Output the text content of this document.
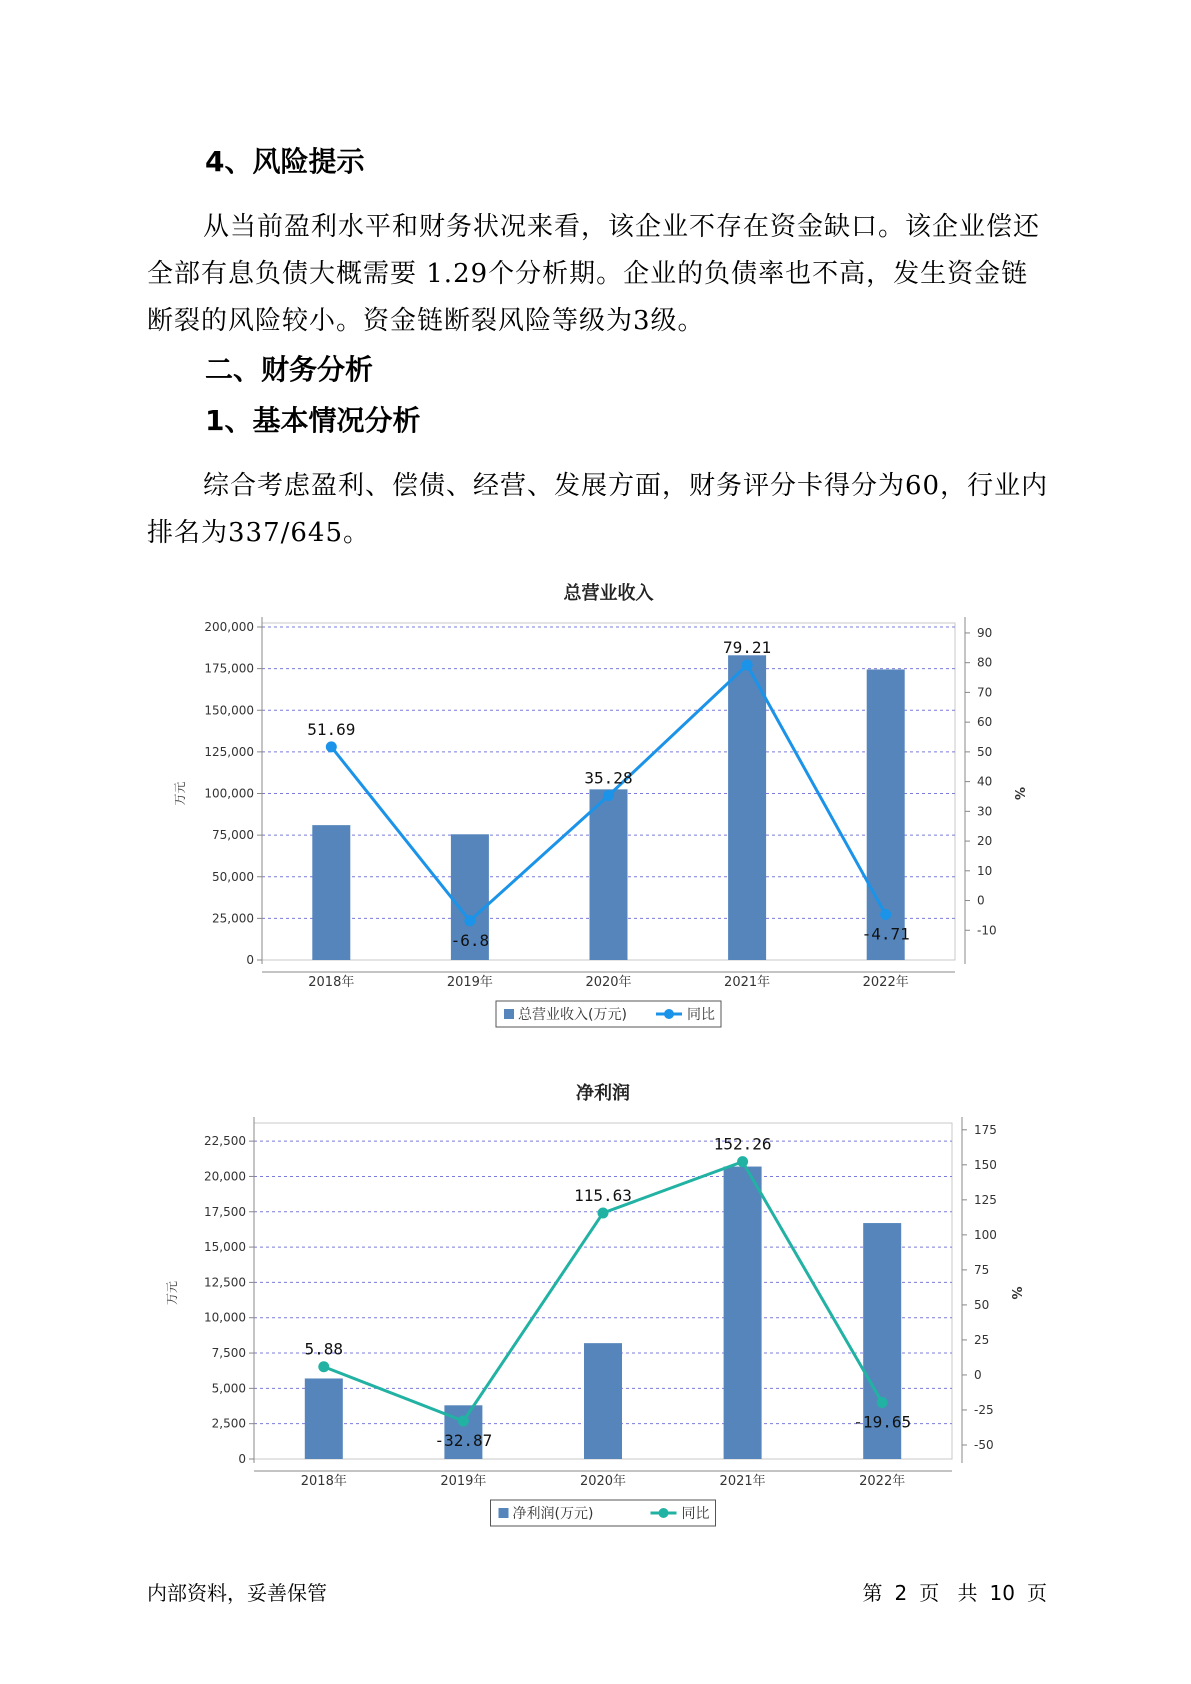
4、风险提示

从当前盈利水平和财务状况来看，该企业不存在资金缺口。该企业偿还全部有息负债大概需要 1.29个分析期。企业的负债率也不高，发生资金链断裂的风险较小。资金链断裂风险等级为3级。

二、财务分析
1、基本情况分析

综合考虑盈利、偿债、经营、发展方面，财务评分卡得分为60，行业内排名为337/645。

总营业收入
0
25,000
50,000
75,000
100,000
125,000
150,000
175,000
200,000
-10
0
10
20
30
40
50
60
70
80
90
万元	%
2018年	2019年	2020年	2021年	2022年
51.69
-6.8
35.28
79.21
-4.71
总营业收入(万元)	同比
净利润
0
2,500
5,000
7,500
10,000
12,500
15,000
17,500
20,000
22,500
-50
-25
0
25
50
75
100
125
150
175
万元	%
2018年	2019年	2020年	2021年	2022年
5.88
-32.87
115.63
152.26
-19.65
净利润(万元)	同比
内部资料，妥善保管	第 2 页 共 10 页
